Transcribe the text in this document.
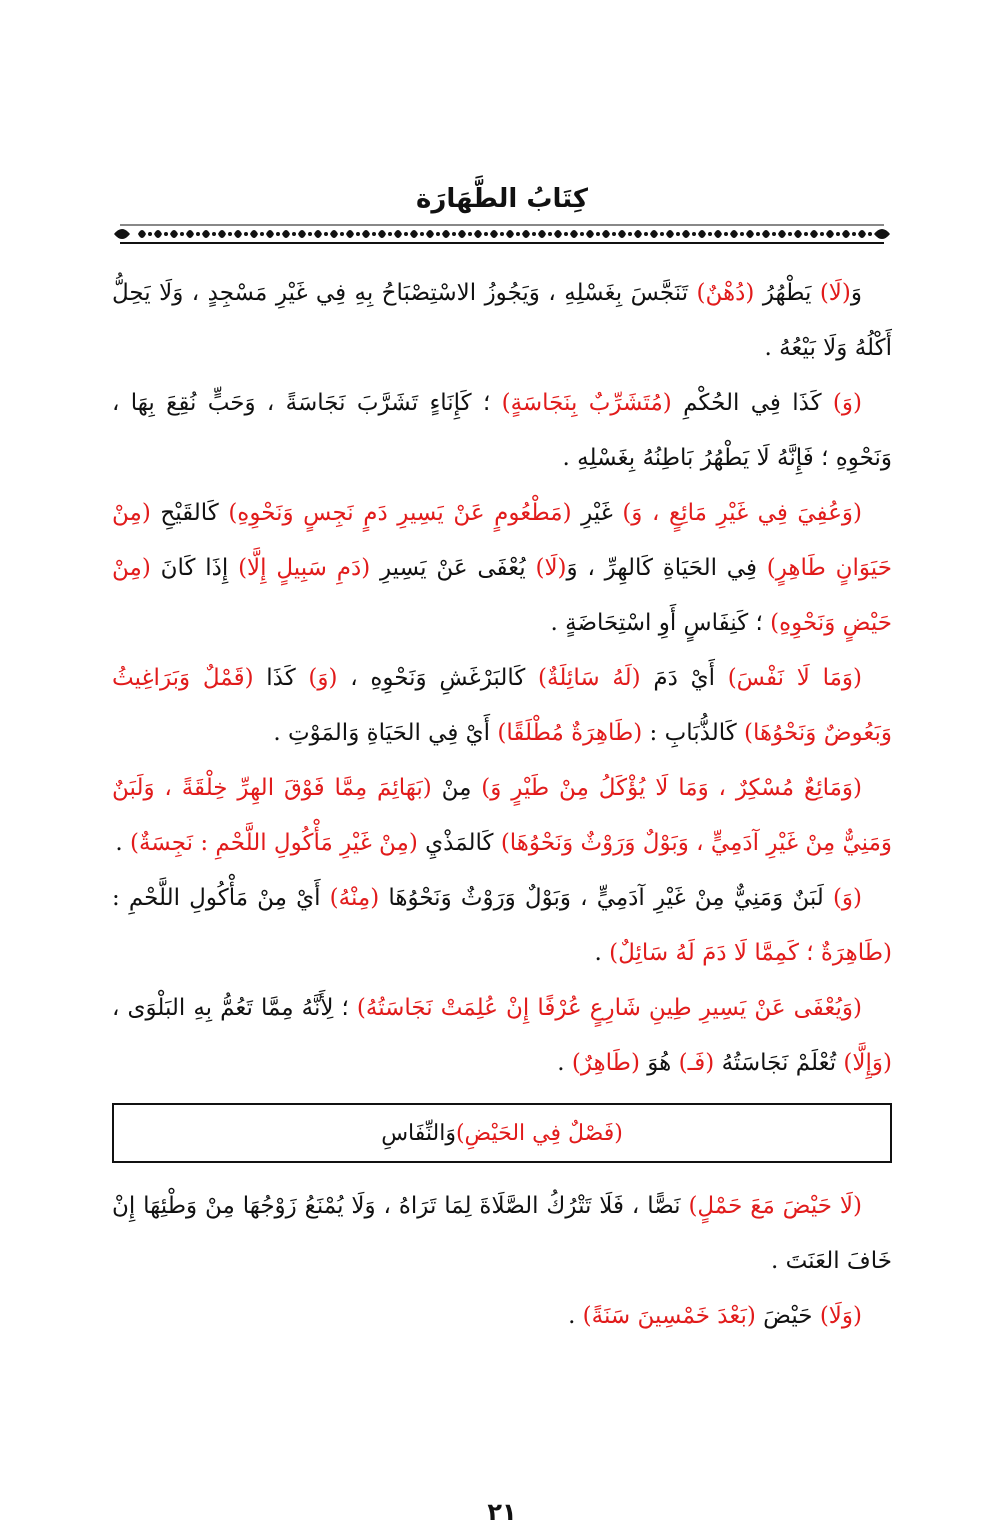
كِتَابُ الطَّهَارَة

وَ(لَا) يَطْهُرُ (دُهْنٌ) تَنَجَّسَ بِغَسْلِهِ ، وَيَجُوزُ الاسْتِصْبَاحُ بِهِ فِي غَيْرِ مَسْجِدٍ ، وَلَا يَحِلُّ أَكْلُهُ وَلَا بَيْعُهُ .

(وَ) كَذَا فِي الحُكْمِ (مُتَشَرِّبٌ بِنَجَاسَةٍ) ؛ كَإِنَاءٍ تَشَرَّبَ نَجَاسَةً ، وَحَبٍّ نُقِعَ بِهَا ، وَنَحْوِهِ ؛ فَإِنَّهُ لَا يَطْهُرُ بَاطِنُهُ بِغَسْلِهِ .

(وَعُفِيَ فِي غَيْرِ مَائِعٍ ، وَ) غَيْرِ (مَطْعُومٍ عَنْ يَسِيرِ دَمٍ نَجِسٍ وَنَحْوِهِ) كَالقَيْحِ (مِنْ حَيَوَانٍ طَاهِرٍ) فِي الحَيَاةِ كَالهِرِّ ، وَ(لَا) يُعْفَى عَنْ يَسِيرِ (دَمِ سَبِيلٍ إِلَّا) إِذَا كَانَ (مِنْ حَيْضٍ وَنَحْوِهِ) ؛ كَنِفَاسٍ أَوِ اسْتِحَاضَةٍ .

(وَمَا لَا نَفْسَ) أَيْ دَمَ (لَهُ سَائِلَةٌ) كَالبَرْغَشِ وَنَحْوِهِ ، (وَ) كَذَا (قَمْلٌ وَبَرَاغِيثُ وَبَعُوضٌ وَنَحْوُهَا) كَالذُّبَابِ : (طَاهِرَةٌ مُطْلَقًا) أَيْ فِي الحَيَاةِ وَالمَوْتِ .

(وَمَائِعٌ مُسْكِرٌ ، وَمَا لَا يُؤْكَلُ مِنْ طَيْرٍ وَ) مِنْ (بَهَائِمَ مِمَّا فَوْقَ الهِرِّ خِلْقَةً ، وَلَبَنٌ وَمَنِيٌّ مِنْ غَيْرِ آدَمِيٍّ ، وَبَوْلٌ وَرَوْثٌ وَنَحْوُهَا) كَالمَذْيِ (مِنْ غَيْرِ مَأْكُولِ اللَّحْمِ : نَجِسَةٌ) .

(وَ) لَبَنٌ وَمَنِيٌّ مِنْ غَيْرِ آدَمِيٍّ ، وَبَوْلٌ وَرَوْثٌ وَنَحْوُهَا (مِنْهُ) أَيْ مِنْ مَأْكُولِ اللَّحْمِ : (طَاهِرَةٌ ؛ كَمِمَّا لَا دَمَ لَهُ سَائِلٌ) .

(وَيُعْفَى عَنْ يَسِيرِ طِينِ شَارِعٍ عُرْفًا إِنْ عُلِمَتْ نَجَاسَتُهُ) ؛ لِأَنَّهُ مِمَّا تَعُمُّ بِهِ البَلْوَى ، (وَإِلَّا) تُعْلَمْ نَجَاسَتُهُ (فَـ) هُوَ (طَاهِرٌ) .

(فَصْلٌ فِي الحَيْضِ)
وَالنِّفَاسِ

(لَا حَيْضَ مَعَ حَمْلٍ) نَصًّا ، فَلَا تَتْرُكُ الصَّلَاةَ لِمَا تَرَاهُ ، وَلَا يُمْنَعُ زَوْجُهَا مِنْ وَطْئِهَا إِنْ خَافَ العَنَتَ .

(وَلَا) حَيْضَ (بَعْدَ خَمْسِينَ سَنَةً) .

٢١
